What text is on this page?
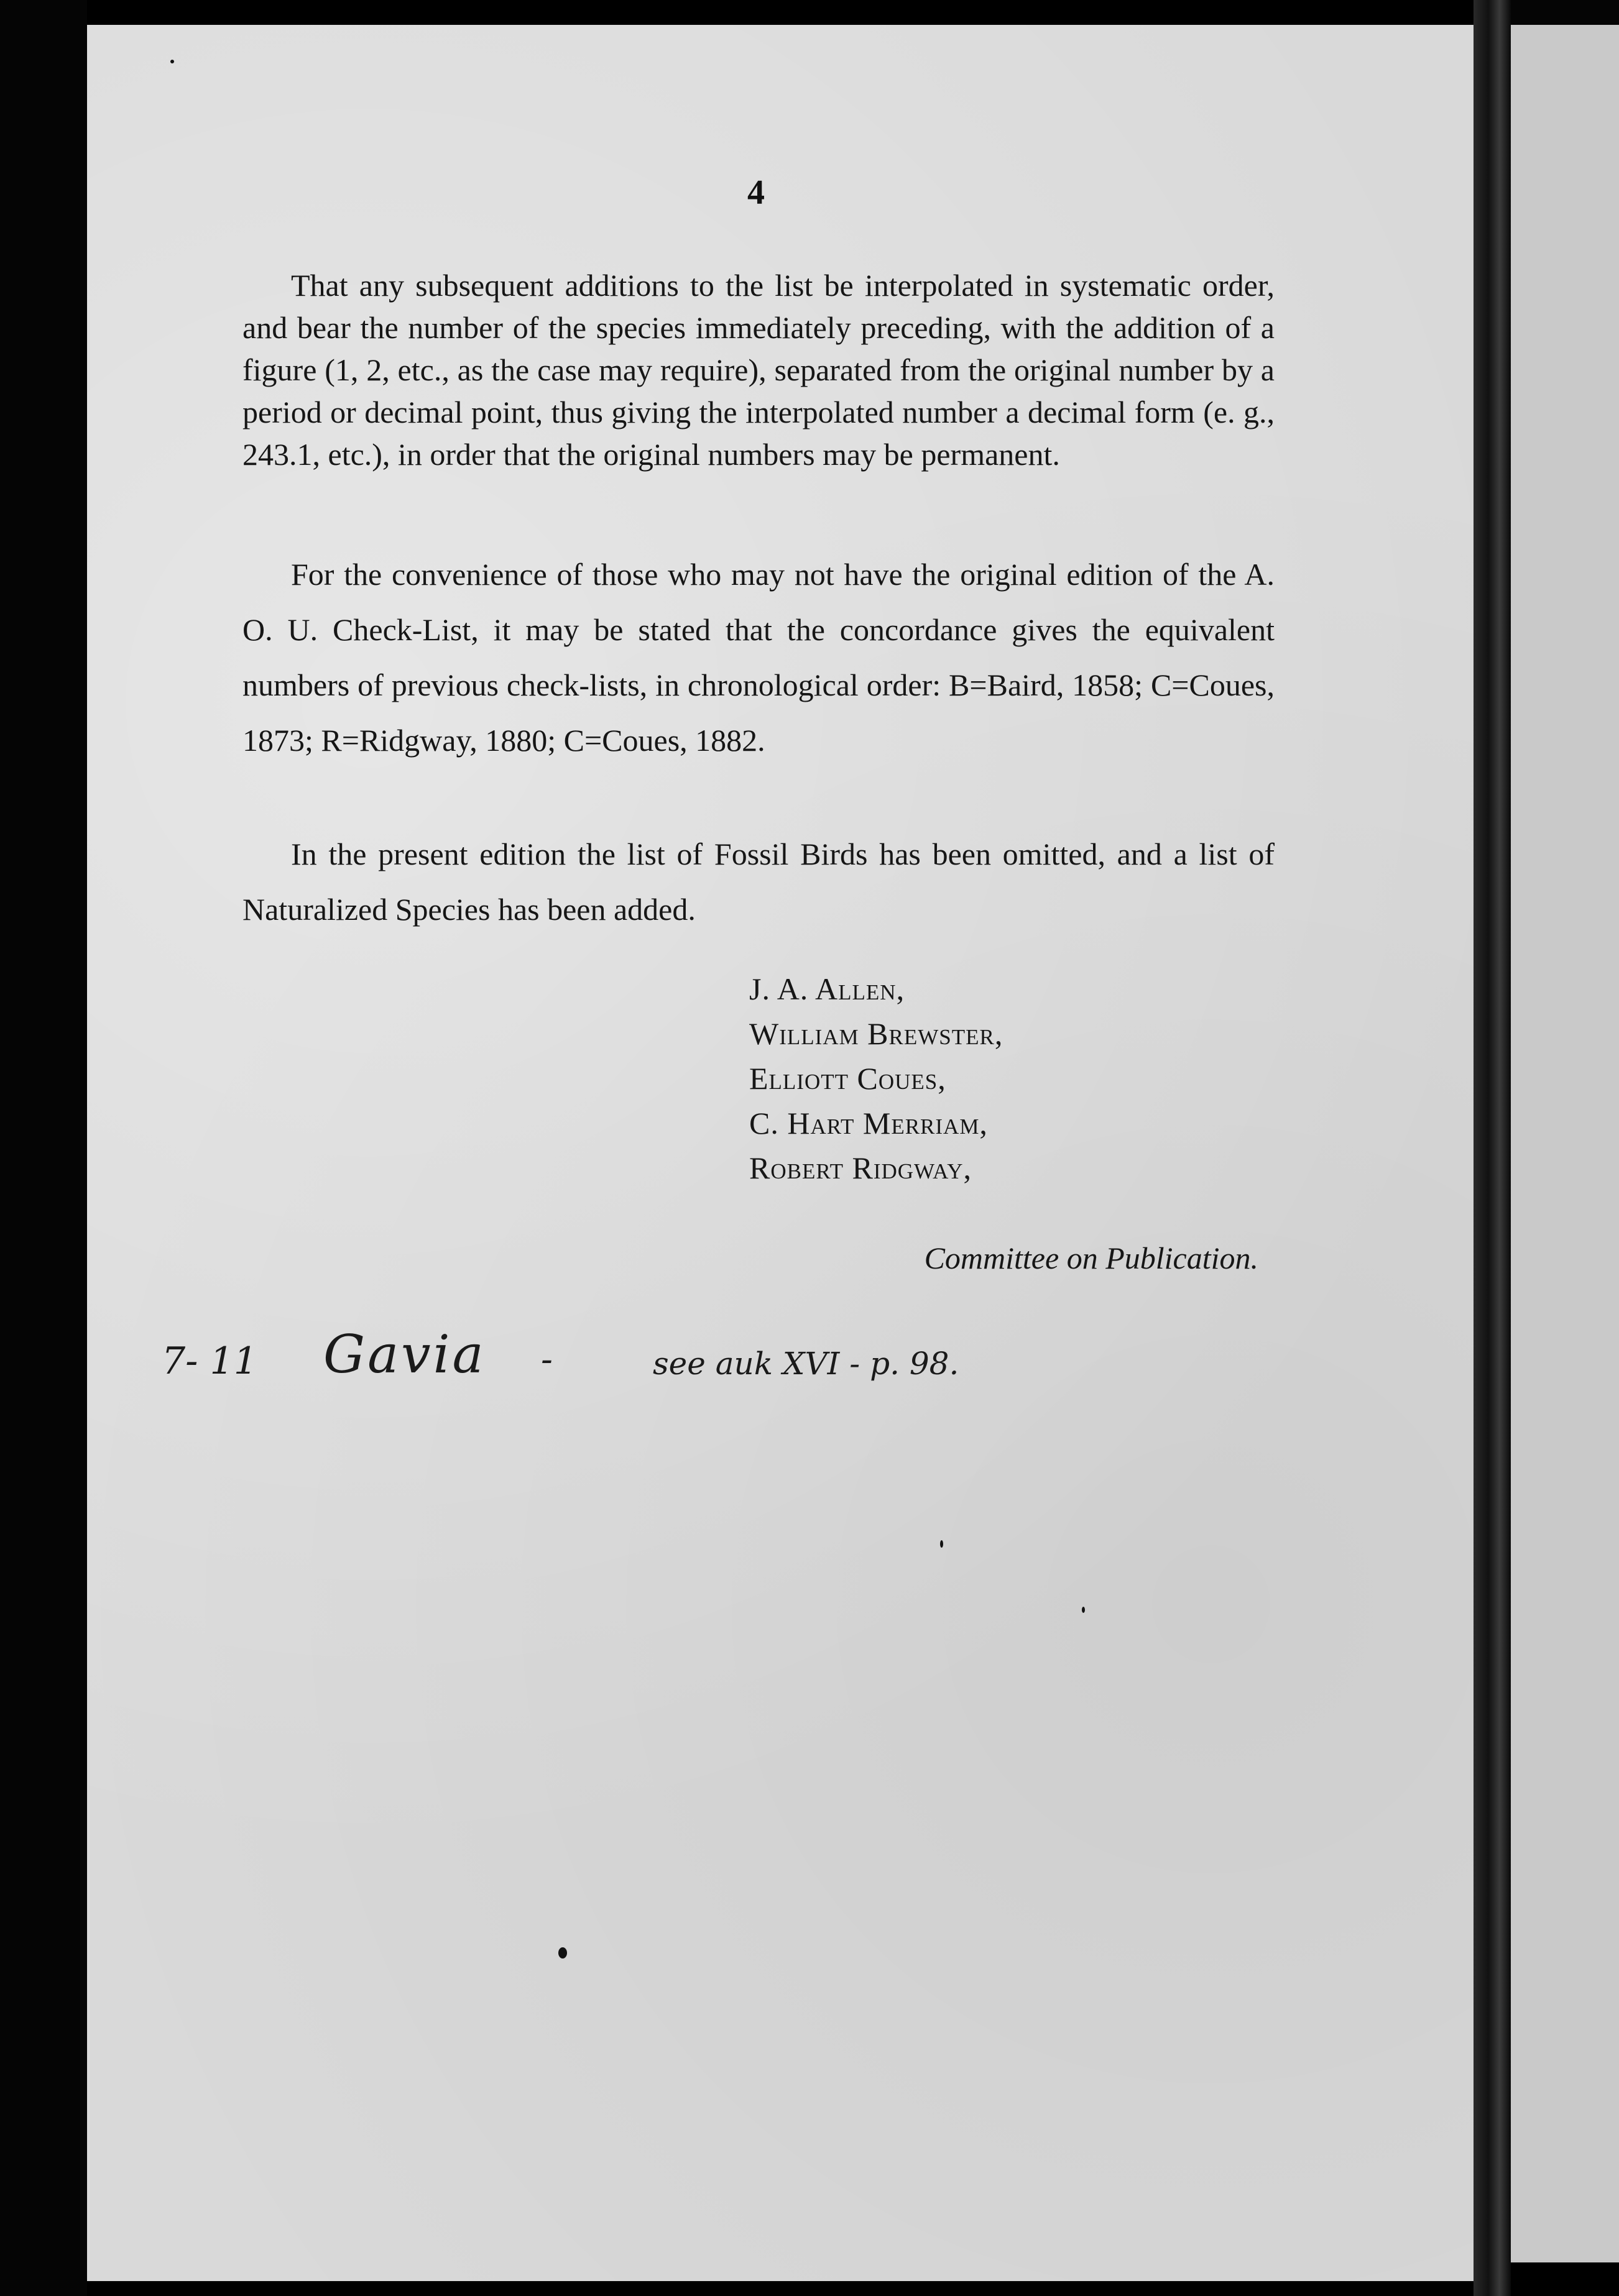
4

That any subsequent additions to the list be interpolated in systematic order, and bear the number of the species immediately preceding, with the addition of a figure (1, 2, etc., as the case may require), separated from the original number by a period or decimal point, thus giving the interpolated number a decimal form (e. g., 243.1, etc.), in order that the original numbers may be permanent.

For the convenience of those who may not have the original edition of the A. O. U. Check-List, it may be stated that the concordance gives the equivalent numbers of previous check-lists, in chronological order: B=Baird, 1858; C=Coues, 1873; R=Ridgway, 1880; C=Coues, 1882.

In the present edition the list of Fossil Birds has been omitted, and a list of Naturalized Species has been added.

J. A. Allen,
William Brewster,
Elliott Coues,
C. Hart Merriam,
Robert Ridgway,
Committee on Publication.
7- 11 Gavia -	see auk XVI - p. 98.
